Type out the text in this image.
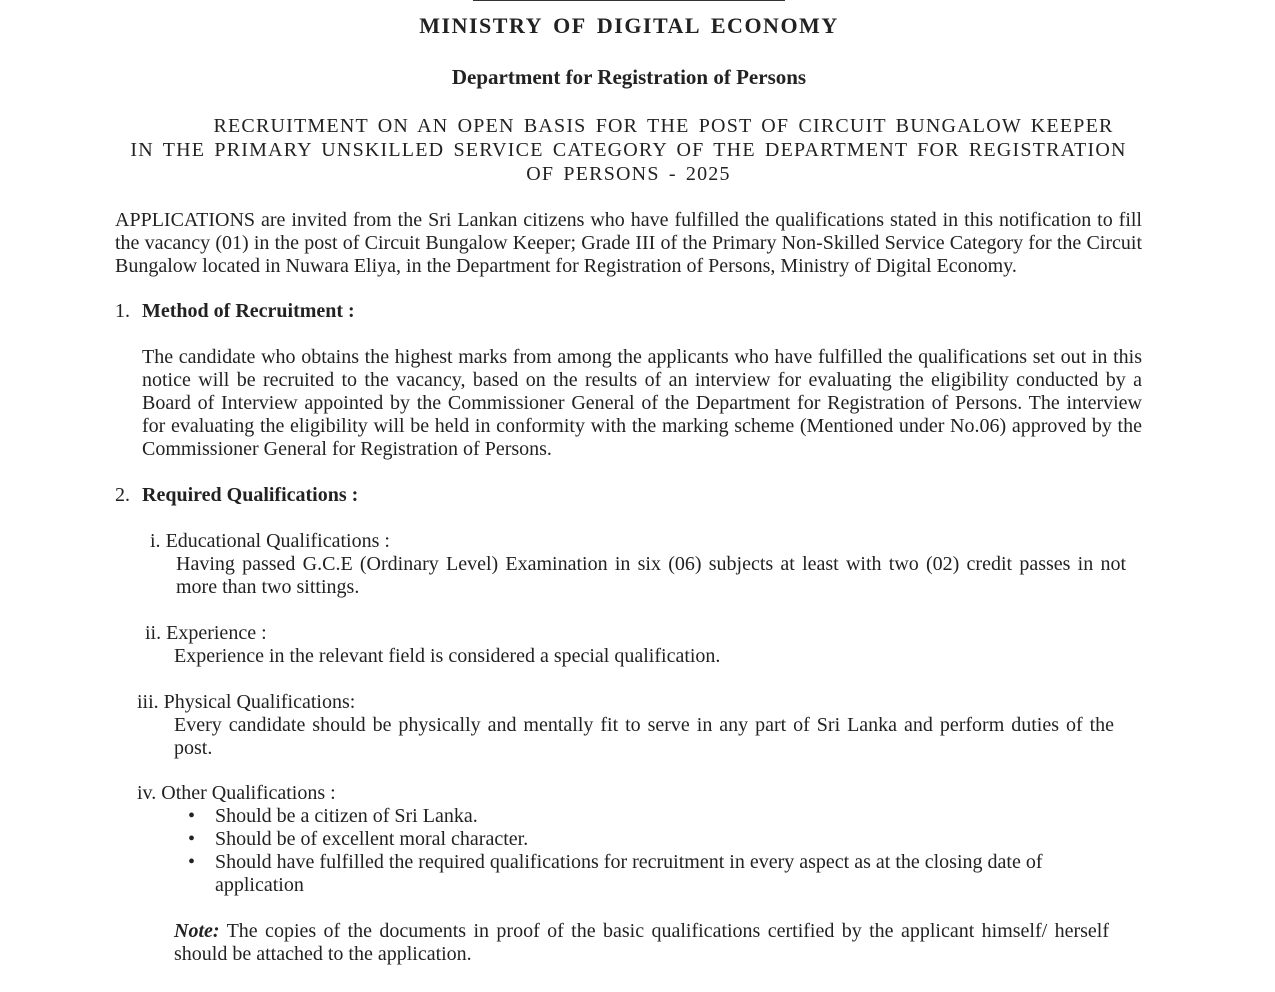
MINISTRY OF DIGITAL ECONOMY
Department for Registration of Persons
RECRUITMENT ON AN OPEN BASIS FOR THE POST OF CIRCUIT BUNGALOW KEEPER
IN THE PRIMARY UNSKILLED SERVICE CATEGORY OF THE DEPARTMENT FOR REGISTRATION
OF PERSONS - 2025
APPLICATIONS are invited from the Sri Lankan citizens who have fulfilled the qualifications stated in this notification to fill the vacancy (01) in the post of Circuit Bungalow Keeper; Grade III of the Primary Non-Skilled Service Category for the Circuit Bungalow located in Nuwara Eliya, in the Department for Registration of Persons, Ministry of Digital Economy.
1. Method of Recruitment :
The candidate who obtains the highest marks from among the applicants who have fulfilled the qualifications set out in this notice will be recruited to the vacancy, based on the results of an interview for evaluating the eligibility conducted by a Board of Interview appointed by the Commissioner General of the Department for Registration of Persons. The interview for evaluating the eligibility will be held in conformity with the marking scheme (Mentioned under No.06) approved by the Commissioner General for Registration of Persons.
2. Required Qualifications :
i. Educational Qualifications :
Having passed G.C.E (Ordinary Level) Examination in six (06) subjects at least with two (02) credit passes in not more than two sittings.
ii. Experience :
Experience in the relevant field is considered a special qualification.
iii. Physical Qualifications:
Every candidate should be physically and mentally fit to serve in any part of Sri Lanka and perform duties of the post.
iv. Other Qualifications :
• Should be a citizen of Sri Lanka.
• Should be of excellent moral character.
• Should have fulfilled the required qualifications for recruitment in every aspect as at the closing date of application
Note: The copies of the documents in proof of the basic qualifications certified by the applicant himself/ herself should be attached to the application.
